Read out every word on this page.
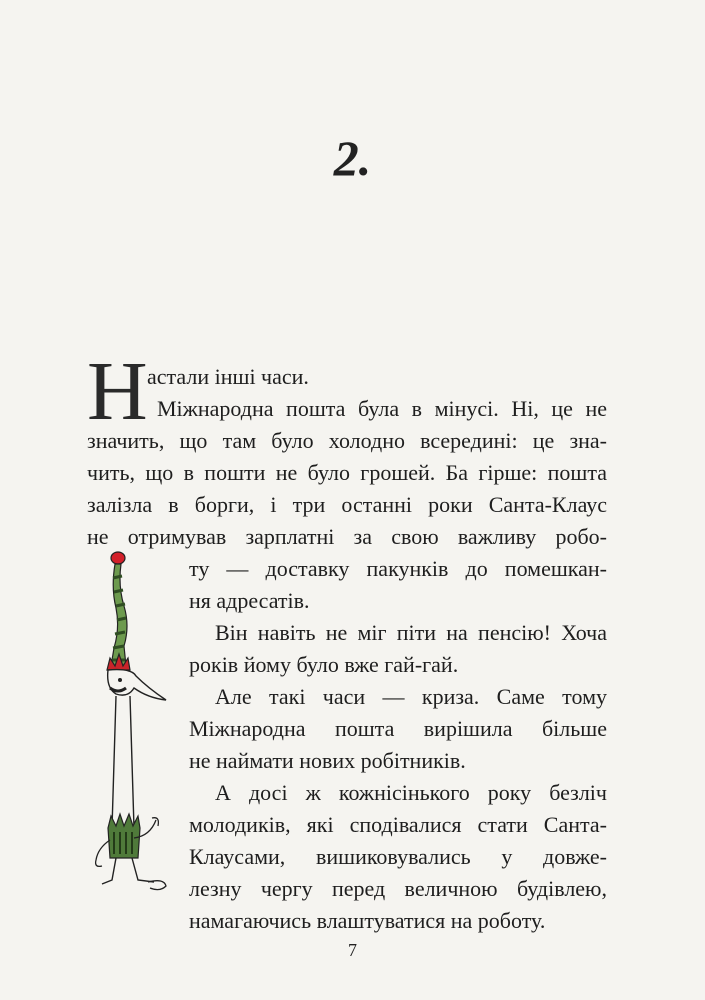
2.
Н астали інші часи.
Міжнародна пошта була в мінусі. Ні, це не
значить, що там було холодно всередині: це зна-
чить, що в пошти не було грошей. Ба гірше: пошта
залізла в борги, і три останні роки Санта-Клаус
не отримував зарплатні за свою важливу робо-
ту — доставку пакунків до помешкан-
ня адресатів.
Він навіть не міг піти на пенсію! Хоча
років йому було вже гай-гай.
Але такі часи — криза. Саме тому
Міжнародна пошта вирішила більше
не наймати нових робітників.
А досі ж кожнісінького року безліч
молодиків, які сподівалися стати Санта-
Клаусами, вишиковувались у довже-
лезну чергу перед величною будівлею,
намагаючись влаштуватися на роботу.
7
